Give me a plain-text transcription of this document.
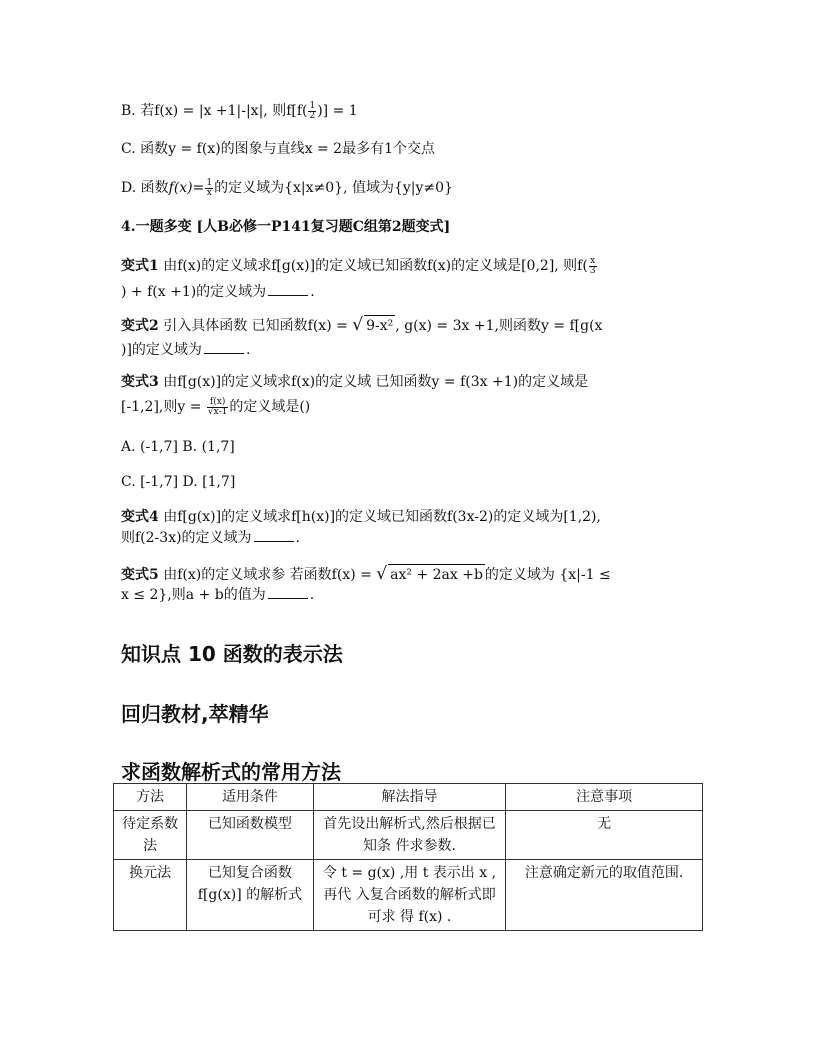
B. 若f(x) = |x +1|-|x|, 则$f[f( \frac{1}{2}$ )] = 1
C. 函数y = f(x)的图象与直线x = 2最多有1个交点
D. 函数$f(x)= \frac{1}{x}$ 的定义域为{x|x≠0}, 值域为{y|y≠0}
4.一题多变 [人B必修一P141复习题C组第2题变式]
变式1 由f(x)的定义域求f[g(x)]的定义域已知函数f(x)的定义域是[0,2], 则$f( \frac{x}{3}$
) + f(x +1)的定义域为	.
变式2 引入具体函数 已知函数f(x) = √ 9-x² , g(x) = 3x +1,则函数y = f[g(x
)]的定义域为	.
变式3 由f[g(x)]的定义域求f(x)的定义域 已知函数y = f(3x +1)的定义域是
[-1,2],则$y = \frac{f(x)}{√x-1}$ 的定义域是()
A. (-1,7] B. (1,7]
C. [-1,7] D. [1,7]
变式4 由f[g(x)]的定义域求f[h(x)]的定义域已知函数f(3x-2)的定义域为[1,2),
则f(2-3x)的定义域为	.
变式5 由f(x)的定义域求参 若函数f(x) = √ ax² + 2ax +b 的定义域为 {x|-1 ≤
x ≤ 2},则a + b的值为	.
知识点 10 函数的表示法
回归教材,萃精华
求函数解析式的常用方法
方法	适用条件	解法指导	注意事项
待定系数法	已知函数模型	首先设出解析式,然后根据已知条 件求参数.	无
换元法	已知复合函数 f[g(x)] 的解析式	令 t = g(x) ,用 t 表示出 x ,再代 入复合函数的解析式即可求 得 f(x) .	注意确定新元的取值范围.
